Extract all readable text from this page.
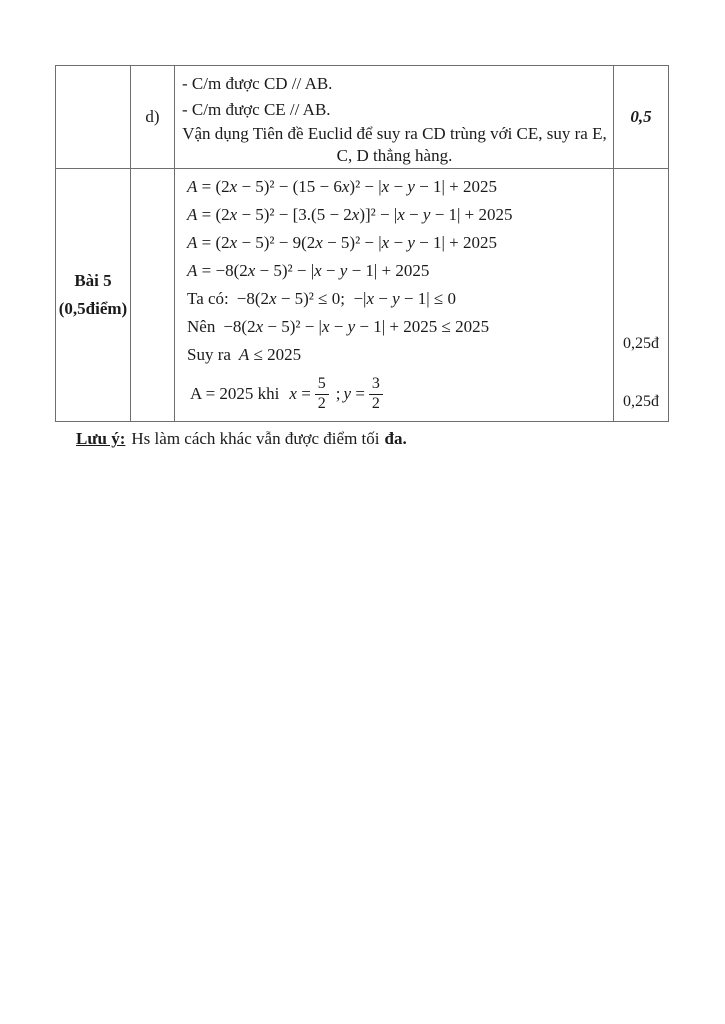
d)
- C/m được CD // AB.
- C/m được CE // AB.
Vận dụng Tiên đề Euclid để suy ra CD trùng với CE, suy ra E,
C, D thẳng hàng.
0,5
Bài 5
(0,5điểm)
A = (2x − 5)² − (15 − 6x)² − |x − y − 1| + 2025
A = (2x − 5)² − [3.(5 − 2x)]² − |x − y − 1| + 2025
A = (2x − 5)² − 9(2x − 5)² − |x − y − 1| + 2025
A = −8(2x − 5)² − |x − y − 1| + 2025
Ta có: −8(2x − 5)² ≤ 0;  −|x − y − 1| ≤ 0
Nên −8(2x − 5)² − |x − y − 1| + 2025 ≤ 2025
Suy ra A ≤ 2025
A = 2025 khi $x = \frac{5}{2}$ ; $y = \frac{3}{2}$
0,25đ
0,25đ
Lưu ý: Hs làm cách khác vẫn được điểm tối đa.
